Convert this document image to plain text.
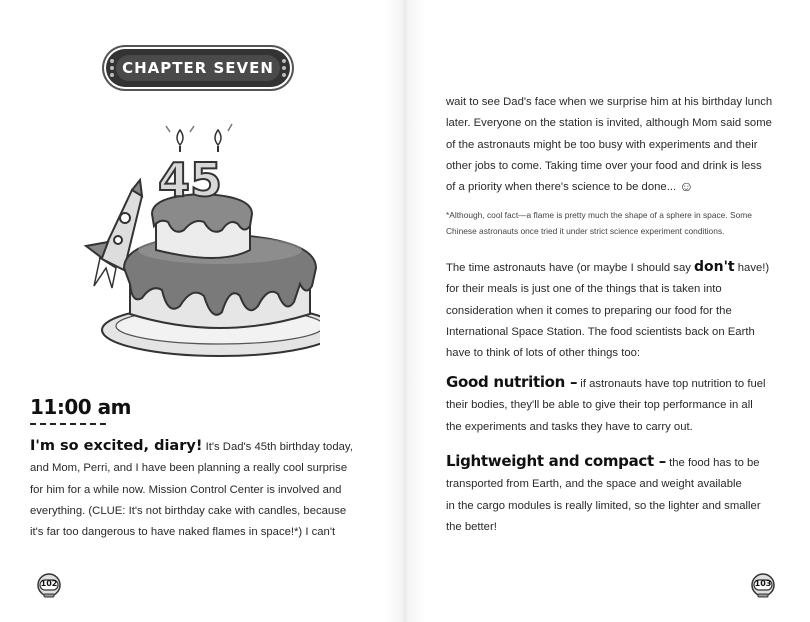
CHAPTER SEVEN
45
11:00 am
I'm so excited, diary! It's Dad's 45th birthday today,
and Mom, Perri, and I have been planning a really cool surprise
for him for a while now. Mission Control Center is involved and
everything. (CLUE: It's not birthday cake with candles, because
it's far too dangerous to have naked flames in space!*) I can't
102
wait to see Dad's face when we surprise him at his birthday lunch
later. Everyone on the station is invited, although Mom said some
of the astronauts might be too busy with experiments and their
other jobs to come. Taking time over your food and drink is less
of a priority when there's science to be done... ☺
*Although, cool fact—a flame is pretty much the shape of a sphere in space. Some
Chinese astronauts once tried it under strict science experiment conditions.
The time astronauts have (or maybe I should say don't have!)
for their meals is just one of the things that is taken into
consideration when it comes to preparing our food for the
International Space Station. The food scientists back on Earth
have to think of lots of other things too:
Good nutrition – if astronauts have top nutrition to fuel
their bodies, they'll be able to give their top performance in all
the experiments and tasks they have to carry out.
Lightweight and compact – the food has to be
transported from Earth, and the space and weight available
in the cargo modules is really limited, so the lighter and smaller
the better!
103
